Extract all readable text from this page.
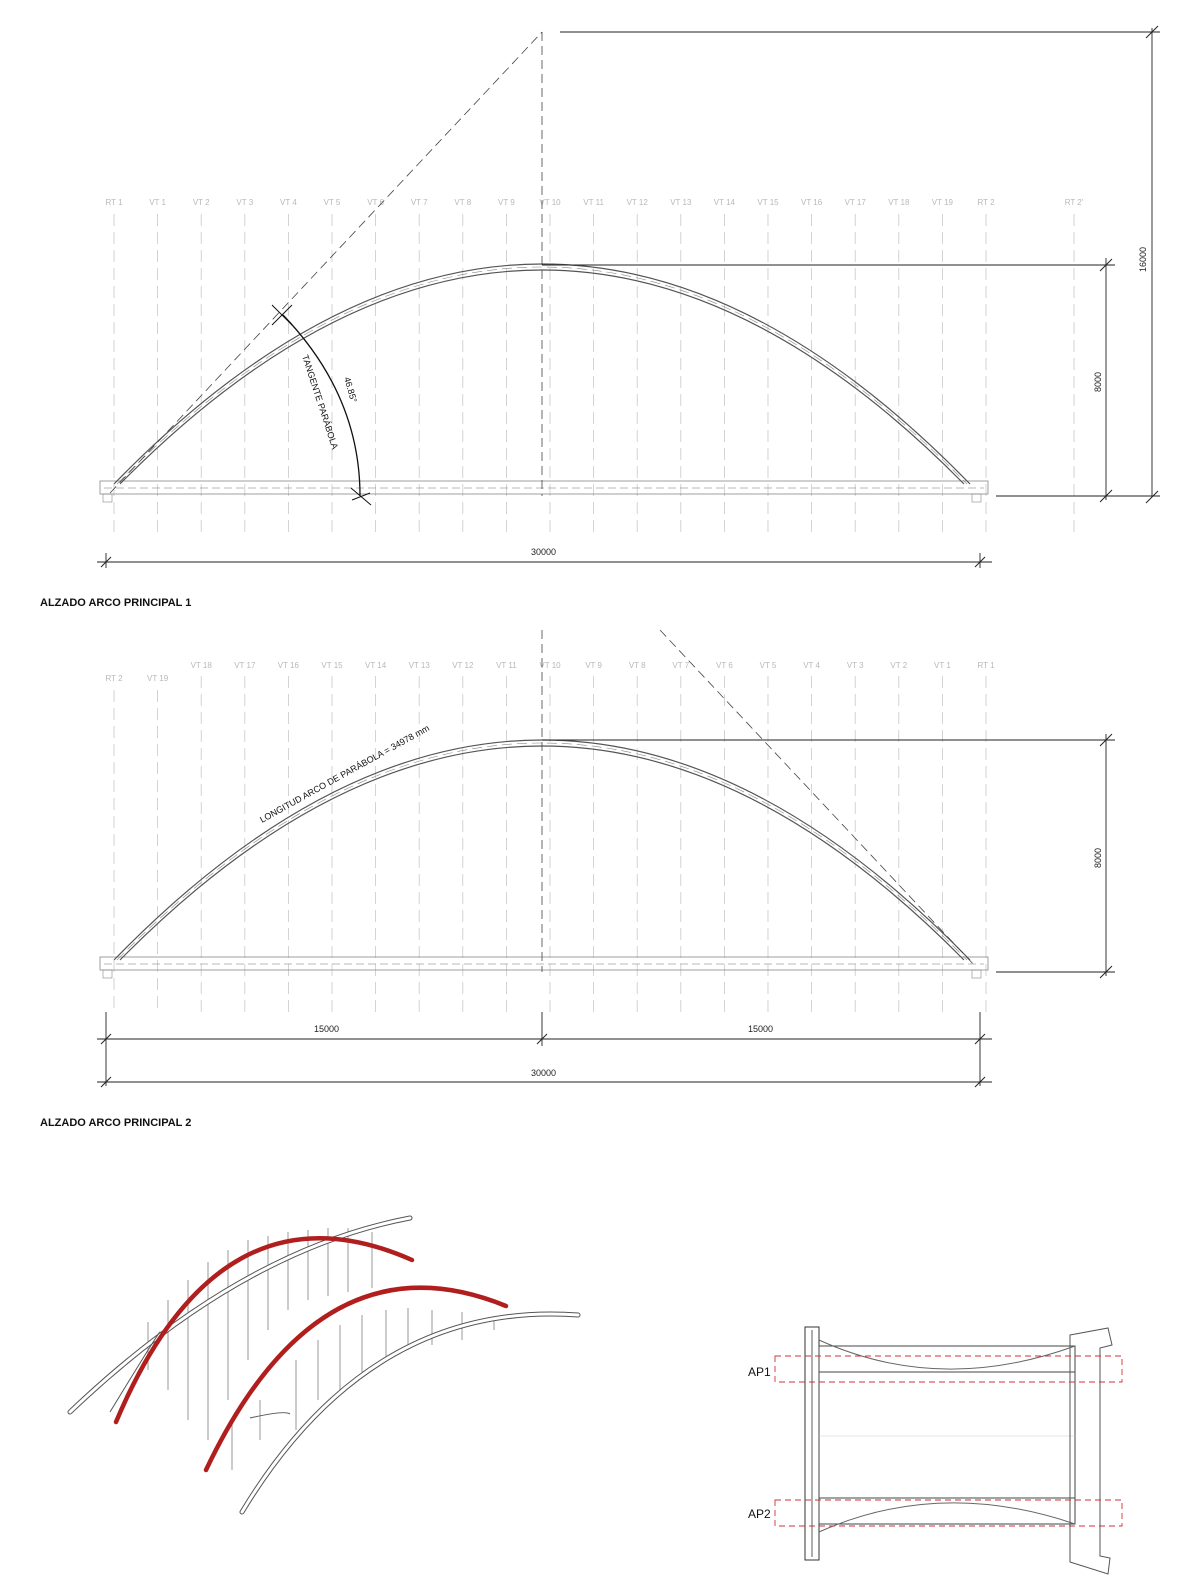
RT 1	VT 1	VT 2	VT 3	VT 4	VT 5	VT 6	VT 7	VT 8	VT 9	VT 10	VT 11	VT 12	VT 13	VT 14	VT 15	VT 16	VT 17	VT 18	VT 19	RT 2	RT 2'
TANGENTE PARÁBOLA 46.85°
16000
8000
30000
ALZADO ARCO PRINCIPAL 1
RT 2	VT 19
VT 18	VT 17	VT 16	VT 15	VT 14	VT 13	VT 12	VT 11	VT 10	VT 9	VT 8	VT 7	VT 6	VT 5	VT 4	VT 3	VT 2	VT 1	RT 1
LONGITUD ARCO DE PARÁBOLA = 34978 mm
8000
15000	15000
30000
ALZADO ARCO PRINCIPAL 2
AP1
AP2
